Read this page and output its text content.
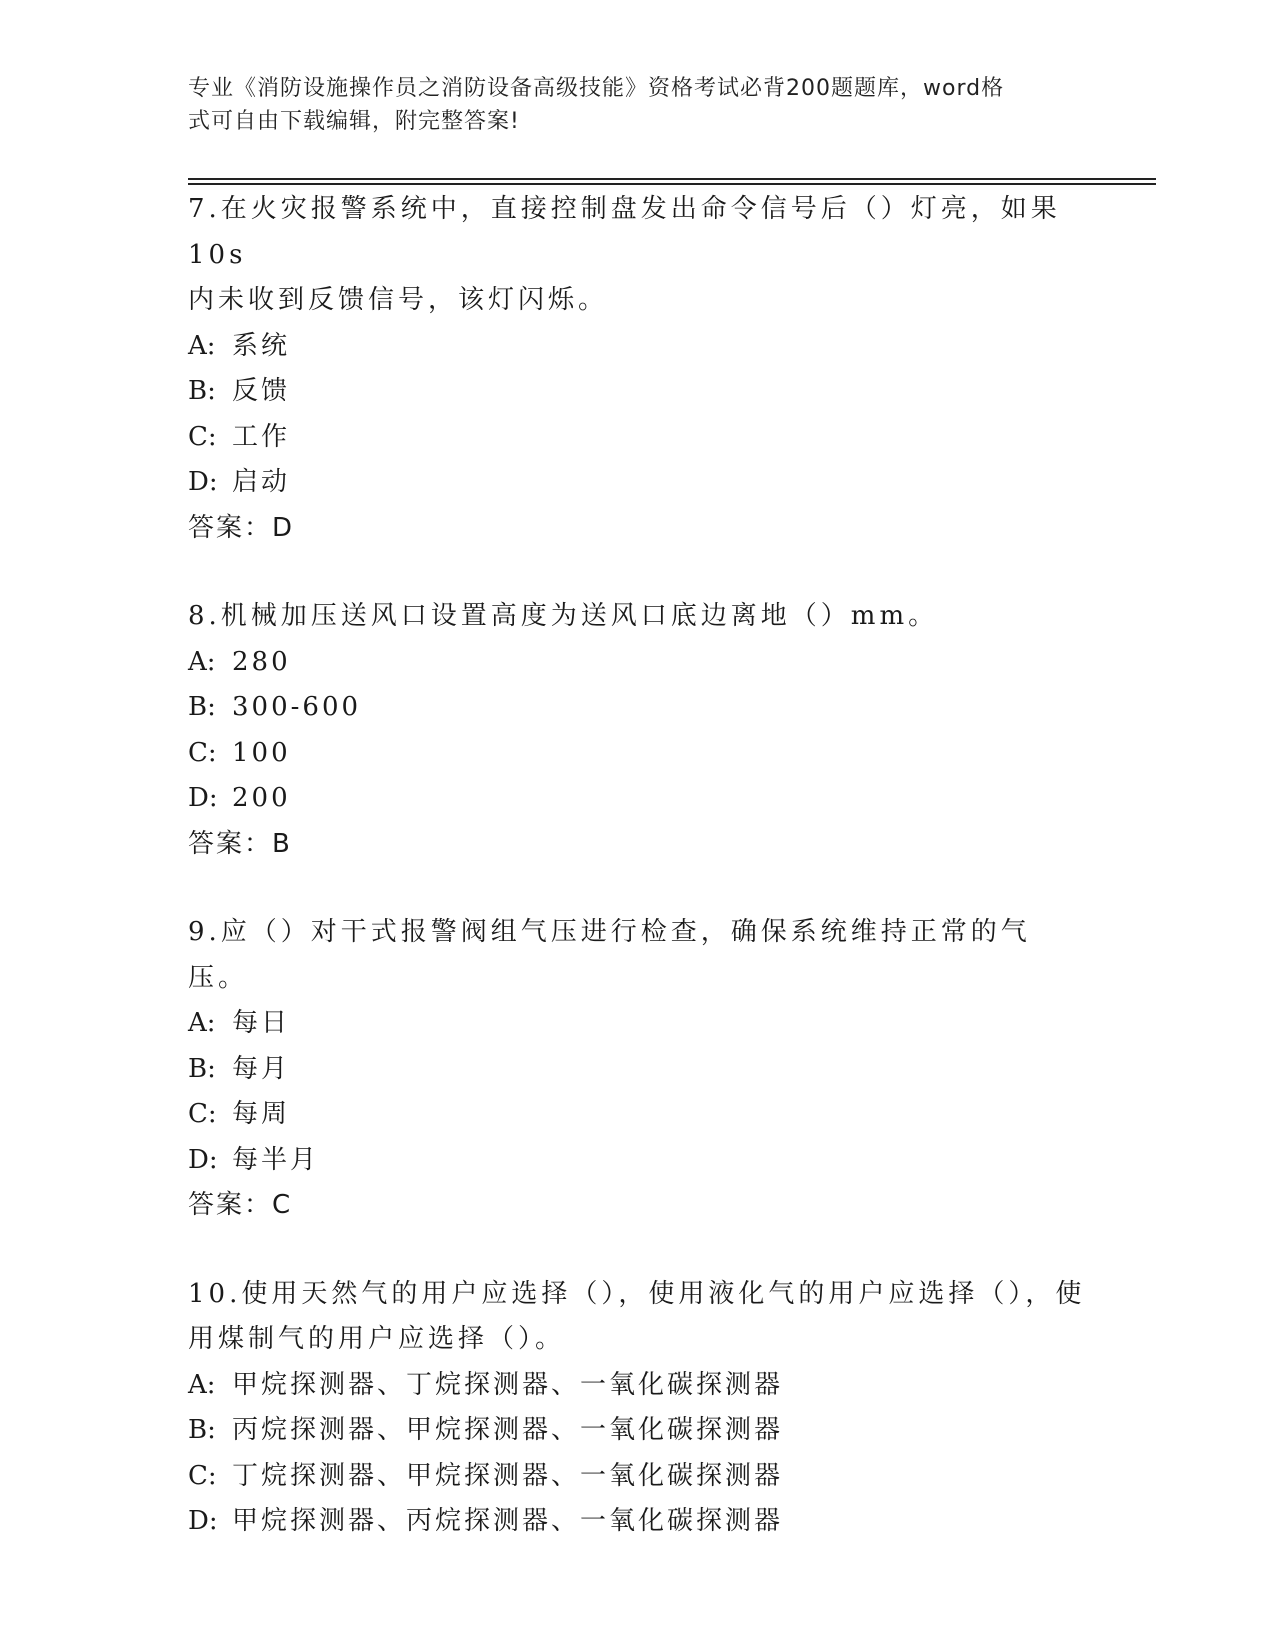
专业《消防设施操作员之消防设备高级技能》资格考试必背200题题库，word格
式可自由下载编辑，附完整答案!

7.在火灾报警系统中，直接控制盘发出命令信号后（）灯亮，如果10s
内未收到反馈信号，该灯闪烁。

A: 系统

B: 反馈

C: 工作

D: 启动

答案：D

8.机械加压送风口设置高度为送风口底边离地（）mm。

A: 280

B: 300-600

C: 100

D: 200

答案：B

9.应（）对干式报警阀组气压进行检查，确保系统维持正常的气压。

A: 每日

B: 每月

C: 每周

D: 每半月

答案：C

10.使用天然气的用户应选择（），使用液化气的用户应选择（），使
用煤制气的用户应选择（）。

A: 甲烷探测器、丁烷探测器、一氧化碳探测器

B: 丙烷探测器、甲烷探测器、一氧化碳探测器

C: 丁烷探测器、甲烷探测器、一氧化碳探测器

D: 甲烷探测器、丙烷探测器、一氧化碳探测器
